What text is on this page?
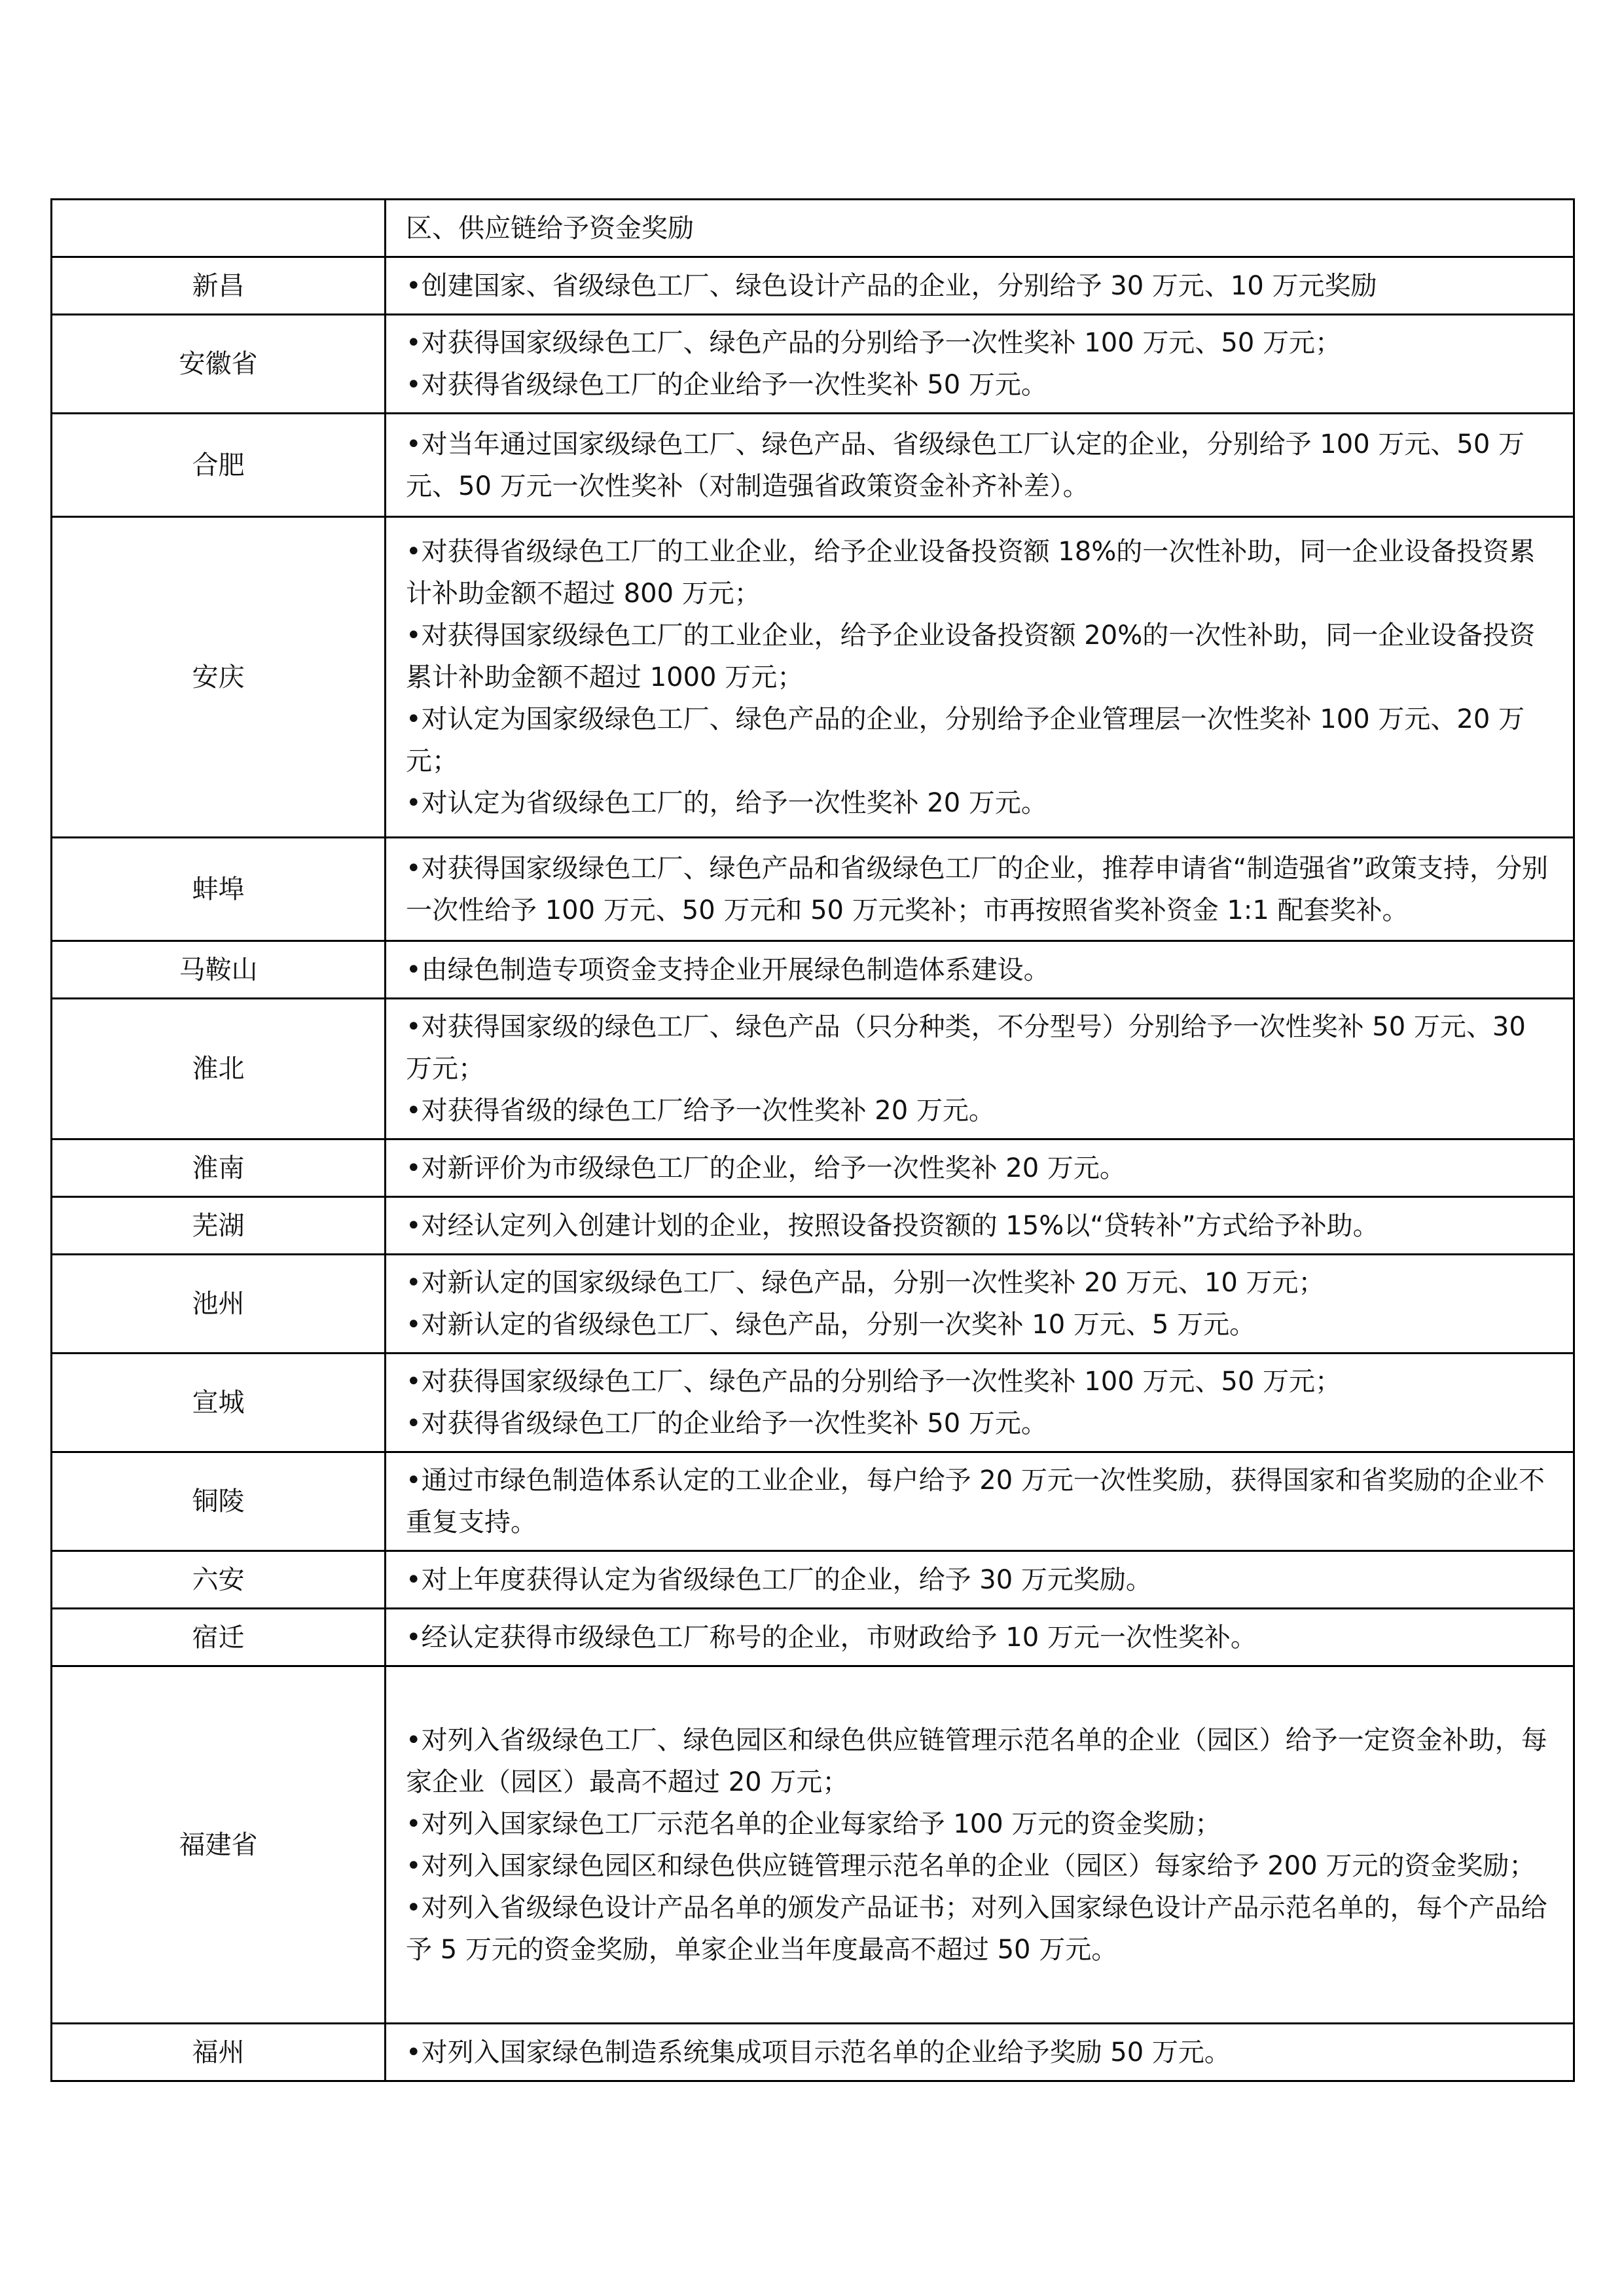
	区、供应链给予资金奖励

新昌	•创建国家、省级绿色工厂、绿色设计产品的企业，分别给予 30 万元、10 万元奖励

安徽省	•对获得国家级绿色工厂、绿色产品的分别给予一次性奖补 100 万元、50 万元；
•对获得省级绿色工厂的企业给予一次性奖补 50 万元。

合肥	•对当年通过国家级绿色工厂、绿色产品、省级绿色工厂认定的企业，分别给予 100 万元、50 万元、50 万元一次性奖补（对制造强省政策资金补齐补差）。

安庆	•对获得省级绿色工厂的工业企业，给予企业设备投资额 18%的一次性补助，同一企业设备投资累计补助金额不超过 800 万元；
•对获得国家级绿色工厂的工业企业，给予企业设备投资额 20%的一次性补助，同一企业设备投资累计补助金额不超过 1000 万元；
•对认定为国家级绿色工厂、绿色产品的企业，分别给予企业管理层一次性奖补 100 万元、20 万元；
•对认定为省级绿色工厂的，给予一次性奖补 20 万元。

蚌埠	•对获得国家级绿色工厂、绿色产品和省级绿色工厂的企业，推荐申请省“制造强省”政策支持，分别一次性给予 100 万元、50 万元和 50 万元奖补；市再按照省奖补资金 1:1 配套奖补。

马鞍山	•由绿色制造专项资金支持企业开展绿色制造体系建设。

淮北	•对获得国家级的绿色工厂、绿色产品（只分种类，不分型号）分别给予一次性奖补 50 万元、30 万元；
•对获得省级的绿色工厂给予一次性奖补 20 万元。

淮南	•对新评价为市级绿色工厂的企业，给予一次性奖补 20 万元。

芜湖	•对经认定列入创建计划的企业，按照设备投资额的 15%以“贷转补”方式给予补助。

池州	•对新认定的国家级绿色工厂、绿色产品，分别一次性奖补 20 万元、10 万元；
•对新认定的省级绿色工厂、绿色产品，分别一次奖补 10 万元、5 万元。

宣城	•对获得国家级绿色工厂、绿色产品的分别给予一次性奖补 100 万元、50 万元；
•对获得省级绿色工厂的企业给予一次性奖补 50 万元。

铜陵	•通过市绿色制造体系认定的工业企业，每户给予 20 万元一次性奖励，获得国家和省奖励的企业不重复支持。

六安	•对上年度获得认定为省级绿色工厂的企业，给予 30 万元奖励。

宿迁	•经认定获得市级绿色工厂称号的企业，市财政给予 10 万元一次性奖补。

福建省	•对列入省级绿色工厂、绿色园区和绿色供应链管理示范名单的企业（园区）给予一定资金补助，每家企业（园区）最高不超过 20 万元；
•对列入国家绿色工厂示范名单的企业每家给予 100 万元的资金奖励；
•对列入国家绿色园区和绿色供应链管理示范名单的企业（园区）每家给予 200 万元的资金奖励；
•对列入省级绿色设计产品名单的颁发产品证书；对列入国家绿色设计产品示范名单的，每个产品给予 5 万元的资金奖励，单家企业当年度最高不超过 50 万元。

福州	•对列入国家绿色制造系统集成项目示范名单的企业给予奖励 50 万元。
